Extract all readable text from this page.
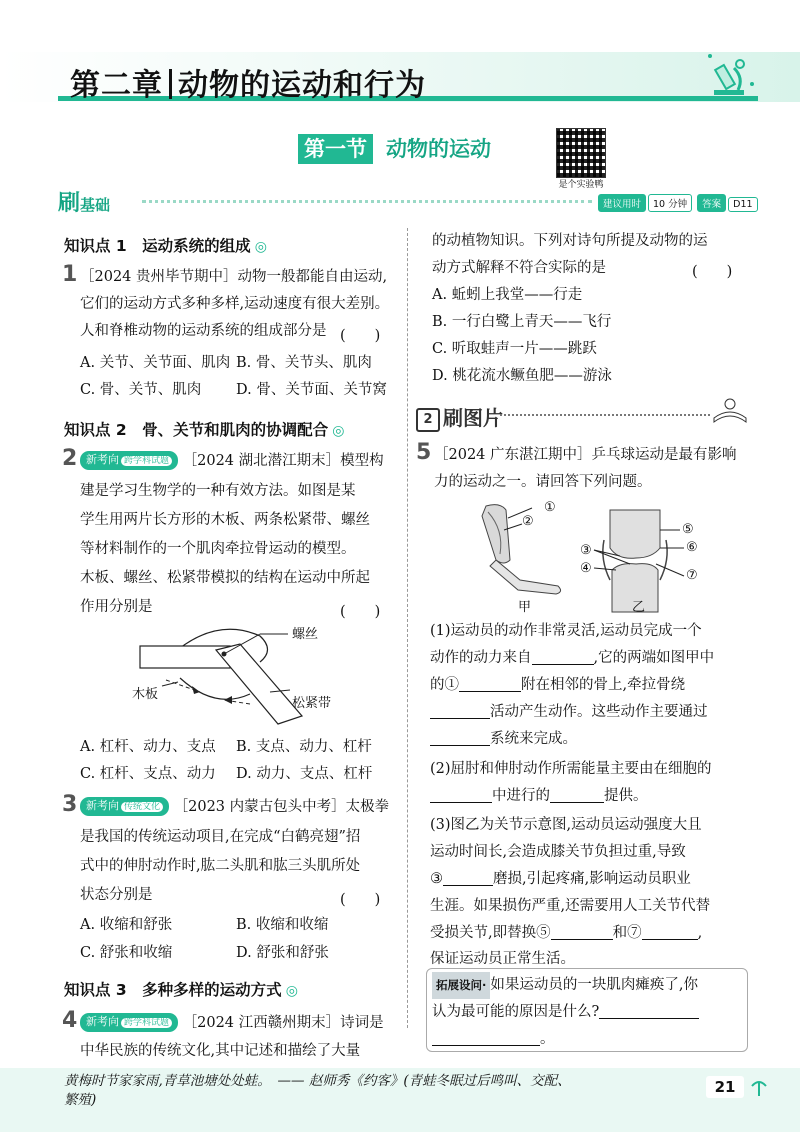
第二章 动物的运动和行为
第一节 动物的运动
是个实验鸭
刷基础	建议用时 10 分钟 答案 D11
知识点 1　运动系统的组成 ◎
1 ［2024 贵州毕节期中］动物一般都能自由运动,
它们的运动方式多种多样,运动速度有很大差别。
人和脊椎动物的运动系统的组成部分是 (　　)
A. 关节、关节面、肌肉 B. 骨、关节头、肌肉
C. 骨、关节、肌肉 D. 骨、关节面、关节窝
知识点 2　骨、关节和肌肉的协调配合 ◎
2 新考向 跨学科试题 ［2024 湖北潜江期末］模型构
建是学习生物学的一种有效方法。如图是某
学生用两片长方形的木板、两条松紧带、螺丝
等材料制作的一个肌肉牵拉骨运动的模型。
木板、螺丝、松紧带模拟的结构在运动中所起
作用分别是	(　　)
螺丝
木板
松紧带
A. 杠杆、动力、支点 B. 支点、动力、杠杆
C. 杠杆、支点、动力 D. 动力、支点、杠杆
3 新考向 传统文化 ［2023 内蒙古包头中考］太极拳
是我国的传统运动项目,在完成“白鹤亮翅”招
式中的伸肘动作时,肱二头肌和肱三头肌所处
状态分别是	(　　)
A. 收缩和舒张	B. 收缩和收缩
C. 舒张和收缩	D. 舒张和舒张
知识点 3　多种多样的运动方式 ◎
4 新考向 跨学科试题 ［2024 江西赣州期末］诗词是
中华民族的传统文化,其中记述和描绘了大量
的动植物知识。下列对诗句所提及动物的运
动方式解释不符合实际的是	(　　)
A. 蚯蚓上我堂——行走
B. 一行白鹭上青天——飞行
C. 听取蛙声一片——跳跃
D. 桃花流水鳜鱼肥——游泳
2 刷图片
5 ［2024 广东湛江期中］乒乓球运动是最有影响
力的运动之一。请回答下列问题。
①
②
③
④
⑤
⑥
⑦
甲	乙
(1)运动员的动作非常灵活,运动员完成一个
动作的动力来自	,它的两端如图甲中
的①	附在相邻的骨上,牵拉骨绕
活动产生动作。这些动作主要通过
系统来完成。
(2)屈肘和伸肘动作所需能量主要由在细胞的
中进行的	提供。
(3)图乙为关节示意图,运动员运动强度大且
运动时间长,会造成膝关节负担过重,导致
③	磨损,引起疼痛,影响运动员职业
生涯。如果损伤严重,还需要用人工关节代替
受损关节,即替换⑤	和⑦	,
保证运动员正常生活。
拓展设问· 如果运动员的一块肌肉瘫痪了,你
认为最可能的原因是什么?
。
黄梅时节家家雨,青草池塘处处蛙。　—— 赵师秀《约客》(青蛙冬眠过后鸣叫、交配、
繁殖)
21
